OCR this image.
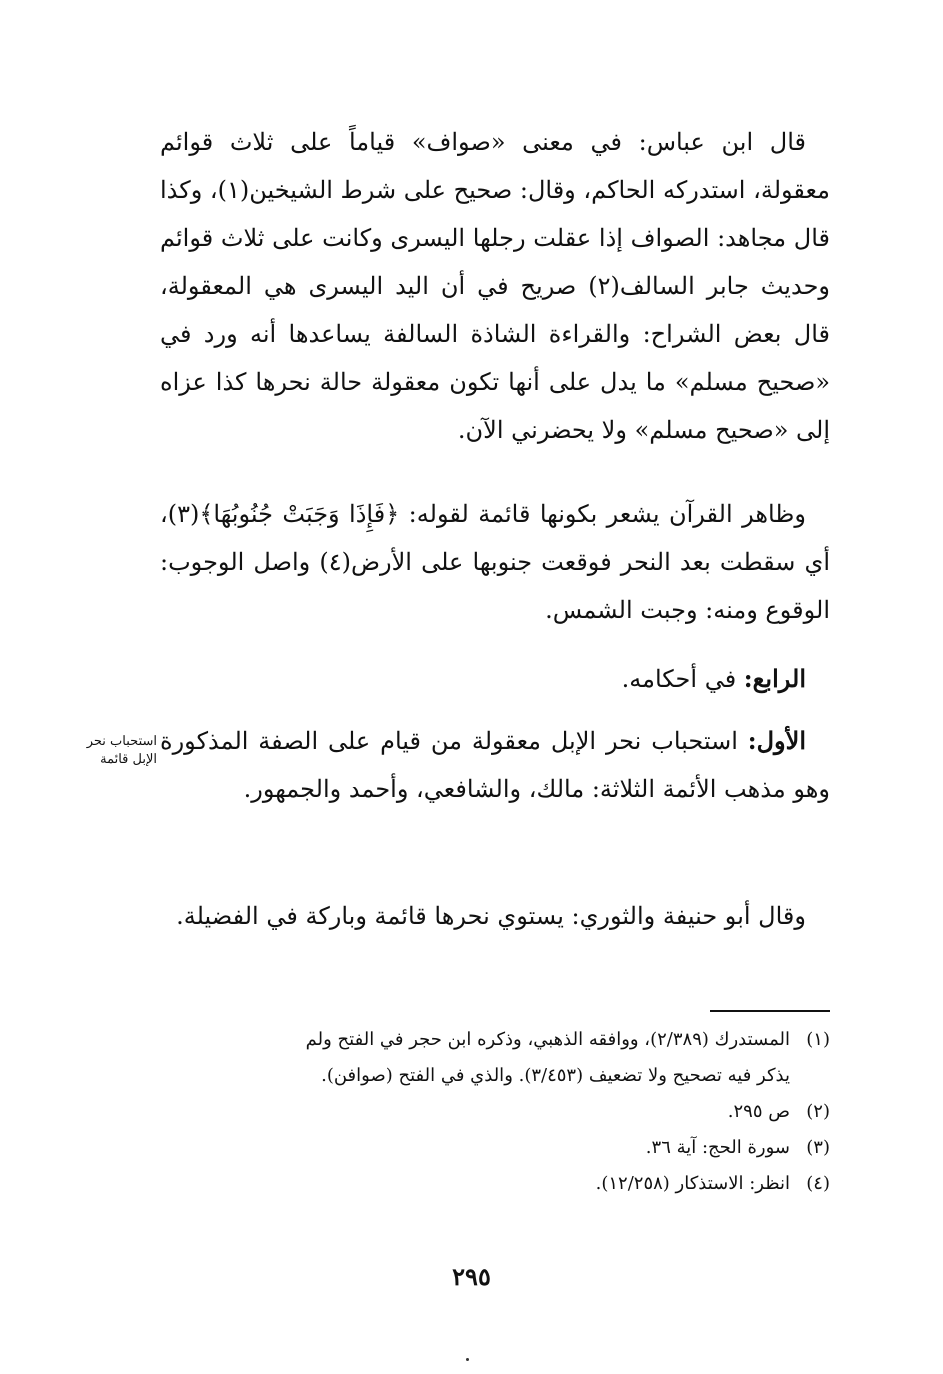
قال ابن عباس: في معنى «صواف» قياماً على ثلاث قوائم معقولة، استدركه الحاكم، وقال: صحيح على شرط الشيخين(١)، وكذا قال مجاهد: الصواف إذا عقلت رجلها اليسرى وكانت على ثلاث قوائم وحديث جابر السالف(٢) صريح في أن اليد اليسرى هي المعقولة، قال بعض الشراح: والقراءة الشاذة السالفة يساعدها أنه ورد في «صحيح مسلم» ما يدل على أنها تكون معقولة حالة نحرها كذا عزاه إلى «صحيح مسلم» ولا يحضرني الآن.

وظاهر القرآن يشعر بكونها قائمة لقوله: ﴿فَإِذَا وَجَبَتْ جُنُوبُهَا﴾(٣)، أي سقطت بعد النحر فوقعت جنوبها على الأرض(٤) واصل الوجوب: الوقوع ومنه: وجبت الشمس.

الرابع: في أحكامه.

استحباب نحر الإبل قائمة

الأول: استحباب نحر الإبل معقولة من قيام على الصفة المذكورة وهو مذهب الأئمة الثلاثة: مالك، والشافعي، وأحمد والجمهور.

وقال أبو حنيفة والثوري: يستوي نحرها قائمة وباركة في الفضيلة.

(١)المستدرك (٢/٣٨٩)، ووافقه الذهبي، وذكره ابن حجر في الفتح ولم

يذكر فيه تصحيح ولا تضعيف (٣/٤٥٣). والذي في الفتح (صوافن).

(٢)ص ٢٩٥.

(٣)سورة الحج: آية ٣٦.

(٤)انظر: الاستذكار (١٢/٢٥٨).

٢٩٥
